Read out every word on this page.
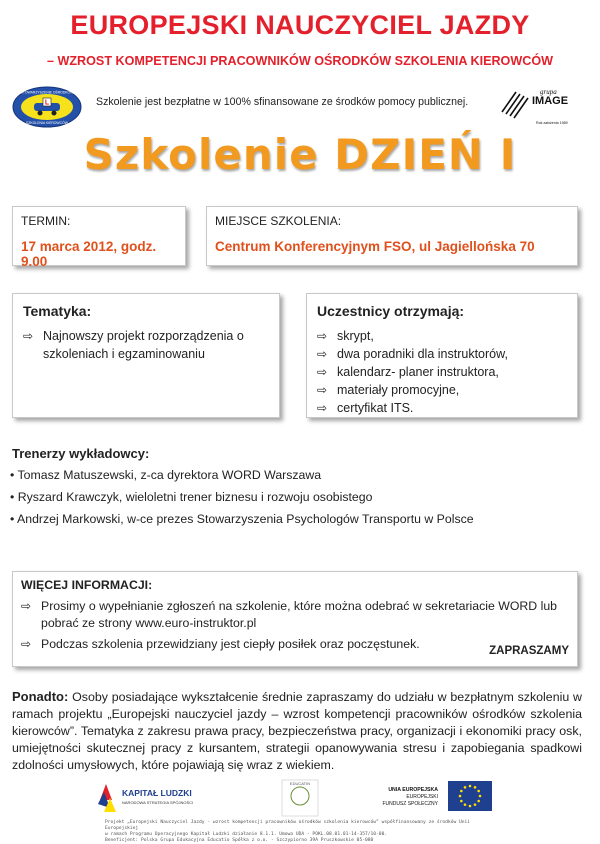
EUROPEJSKI NAUCZYCIEL JAZDY
– WZROST KOMPETENCJI PRACOWNIKÓW OŚRODKÓW SZKOLENIA KIEROWCÓW
L
STOWARZYSZENIE OŚRODKÓW
SZKOLENIA KIEROWCÓW
Szkolenie jest bezpłatne w 100% sfinansowane ze środków pomocy publicznej.
grupa
IMAGE
Rok założenia 1989
Szkolenie DZIEŃ I
TERMIN:
17 marca 2012, godz. 9.00
MIEJSCE SZKOLENIA:
Centrum Konferencyjnym FSO, ul Jagiellońska 70
Tematyka:
⇨ Najnowszy projekt rozporządzenia o szkoleniach i egzaminowaniu
Uczestnicy otrzymają:
⇨ skrypt,
⇨ dwa poradniki dla instruktorów,
⇨ kalendarz- planer instruktora,
⇨ materiały promocyjne,
⇨ certyfikat ITS.
Trenerzy wykładowcy:
• Tomasz Matuszewski, z-ca dyrektora WORD Warszawa
• Ryszard Krawczyk, wieloletni trener biznesu i rozwoju osobistego
• Andrzej Markowski, w-ce prezes Stowarzyszenia Psychologów Transportu w Polsce
WIĘCEJ INFORMACJI:
⇨ Prosimy o wypełnianie zgłoszeń na szkolenie, które można odebrać w sekretariacie WORD lub pobrać ze strony www.euro-instruktor.pl
⇨ Podczas szkolenia przewidziany jest ciepły posiłek oraz poczęstunek.	ZAPRASZAMY
Ponadto: Osoby posiadające wykształcenie średnie zapraszamy do udziału w bezpłatnym szkoleniu w ramach projektu „Europejski nauczyciel jazdy – wzrost kompetencji pracowników ośrodków szkolenia kierowców”. Tematyka z zakresu prawa pracy, bezpieczeństwa pracy, organizacji i ekonomiki pracy osk, umiejętności skutecznej pracy z kursantem, strategii opanowywania stresu i zapobiegania spadkowi zdolności umysłowych, które pojawiają się wraz z wiekiem.
KAPITAŁ LUDZKI
NARODOWA STRATEGIA SPÓJNOŚCI
EDUCATIN
UNIA EUROPEJSKA
EUROPEJSKI
FUNDUSZ SPOŁECZNY
Projekt „Europejski Nauczyciel Jazdy - wzrost kompetencji pracowników ośrodków szkolenia kierowców” współfinansowany ze środków Unii Europejskiej
w ramach Programu Operacyjnego Kapitał Ludzki działanie 8.1.1. Umowa UDA - POKL.08.01.01-14-357/10-00.
Beneficjent: Polska Grupa Edukacyjna Educatio Spółka z o.o. - Szczypiorno 39A Pruszkowskie 05-080
